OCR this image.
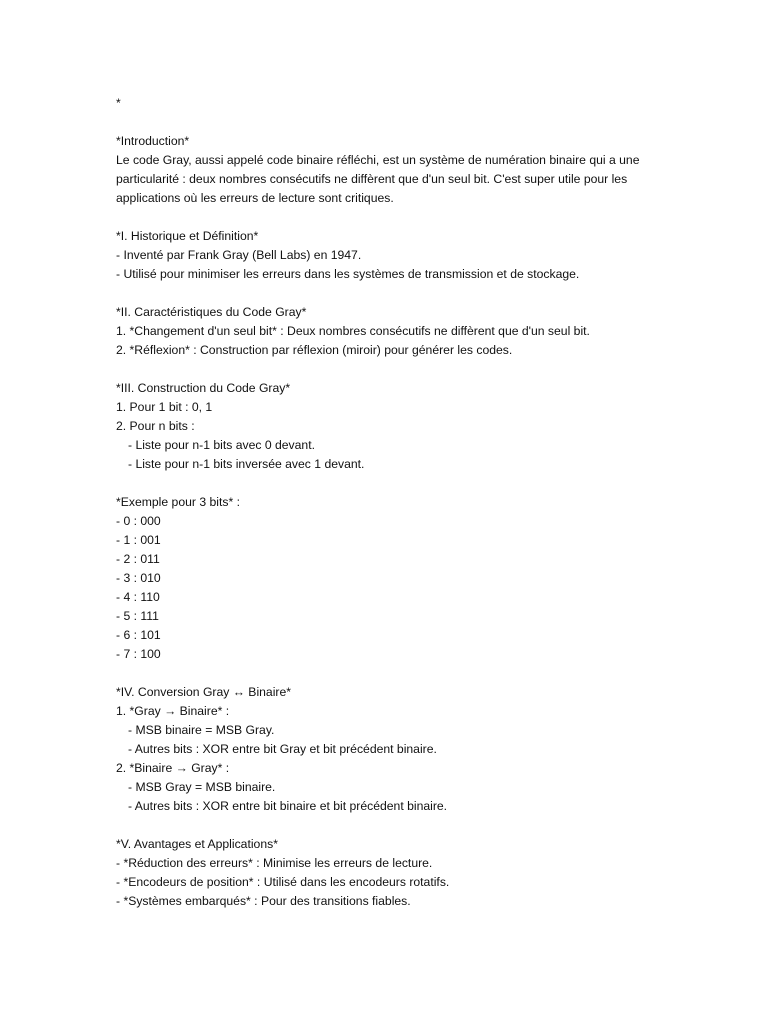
*
*Introduction*
Le code Gray, aussi appelé code binaire réfléchi, est un système de numération binaire qui a une particularité : deux nombres consécutifs ne diffèrent que d'un seul bit. C'est super utile pour les applications où les erreurs de lecture sont critiques.
*I. Historique et Définition*
- Inventé par Frank Gray (Bell Labs) en 1947.
- Utilisé pour minimiser les erreurs dans les systèmes de transmission et de stockage.
*II. Caractéristiques du Code Gray*
1. *Changement d'un seul bit* : Deux nombres consécutifs ne diffèrent que d'un seul bit.
2. *Réflexion* : Construction par réflexion (miroir) pour générer les codes.
*III. Construction du Code Gray*
1. Pour 1 bit : 0, 1
2. Pour n bits :
- Liste pour n-1 bits avec 0 devant.
- Liste pour n-1 bits inversée avec 1 devant.
*Exemple pour 3 bits* :
- 0 : 000
- 1 : 001
- 2 : 011
- 3 : 010
- 4 : 110
- 5 : 111
- 6 : 101
- 7 : 100
*IV. Conversion Gray ↔ Binaire*
1. *Gray → Binaire* :
- MSB binaire = MSB Gray.
- Autres bits : XOR entre bit Gray et bit précédent binaire.
2. *Binaire → Gray* :
- MSB Gray = MSB binaire.
- Autres bits : XOR entre bit binaire et bit précédent binaire.
*V. Avantages et Applications*
- *Réduction des erreurs* : Minimise les erreurs de lecture.
- *Encodeurs de position* : Utilisé dans les encodeurs rotatifs.
- *Systèmes embarqués* : Pour des transitions fiables.
